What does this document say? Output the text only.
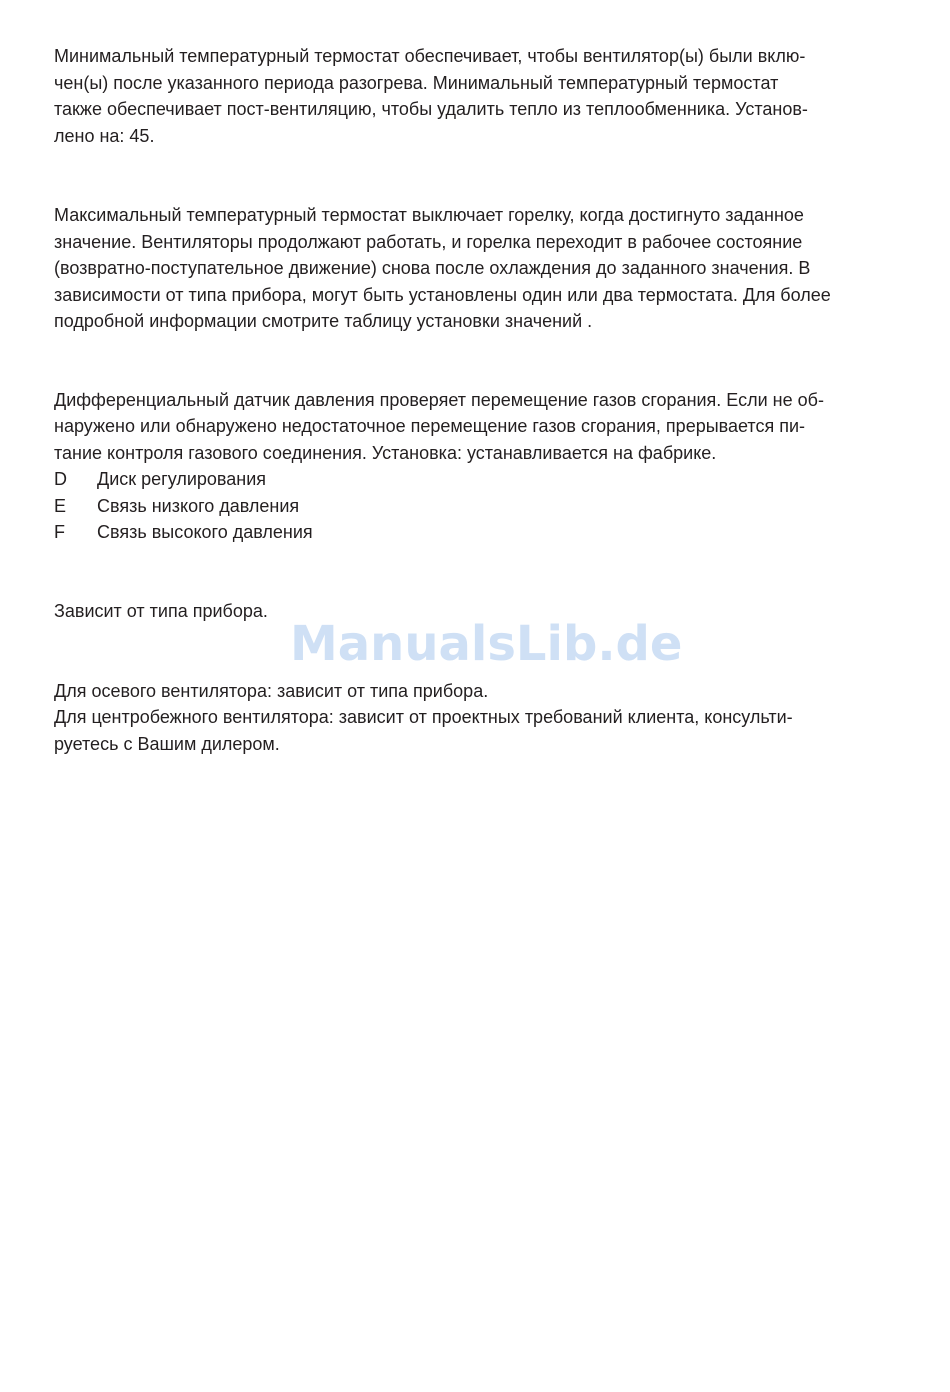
Минимальный температурный термостат обеспечивает, чтобы вентилятор(ы) были вклю-
чен(ы) после указанного периода разогрева. Минимальный температурный термостат
также обеспечивает пост-вентиляцию, чтобы удалить тепло из теплообменника. Установ-
лено на: 45.
Максимальный температурный термостат выключает горелку, когда достигнуто заданное
значение. Вентиляторы продолжают работать, и горелка переходит в рабочее состояние
(возвратно-поступательное движение) снова после охлаждения до заданного значения. В
зависимости от типа прибора, могут быть установлены один или два термостата. Для более
подробной информации смотрите таблицу установки значений .
Дифференциальный датчик давления проверяет перемещение газов сгорания. Если не об-
наружено или обнаружено недостаточное перемещение газов сгорания, прерывается пи-
тание контроля газового соединения. Установка: устанавливается на фабрике.
D Диск регулирования
E Связь низкого давления
F Связь высокого давления
Зависит от типа прибора.
ManualsLib.de
Для осевого вентилятора: зависит от типа прибора.
Для центробежного вентилятора: зависит от проектных требований клиента, консульти-
руетесь с Вашим дилером.
